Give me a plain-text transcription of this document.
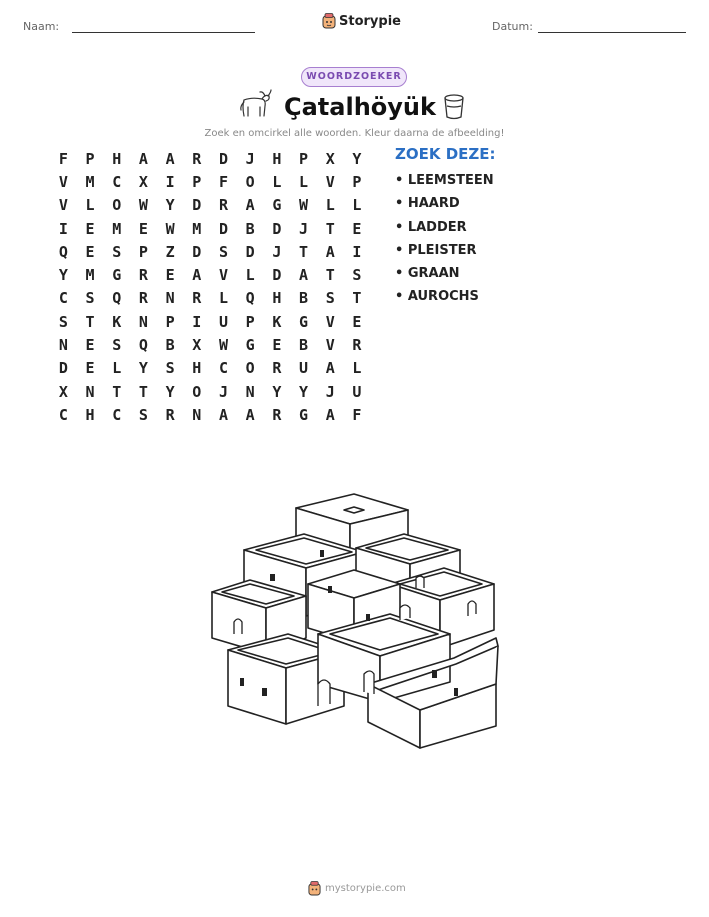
Naam:	Storypie	Datum:
WOORDZOEKER
Çatalhöyük
Zoek en omcirkel alle woorden. Kleur daarna de afbeelding!
F	P	H	A	A	R	D	J	H	P	X	Y
V	M	C	X	I	P	F	O	L	L	V	P
V	L	O	W	Y	D	R	A	G	W	L	L
I	E	M	E	W	M	D	B	D	J	T	E
Q	E	S	P	Z	D	S	D	J	T	A	I
Y	M	G	R	E	A	V	L	D	A	T	S
C	S	Q	R	N	R	L	Q	H	B	S	T
S	T	K	N	P	I	U	P	K	G	V	E
N	E	S	Q	B	X	W	G	E	B	V	R
D	E	L	Y	S	H	C	O	R	U	A	L
X	N	T	T	Y	O	J	N	Y	Y	J	U
C	H	C	S	R	N	A	A	R	G	A	F
ZOEK DEZE:
• LEEMSTEEN
• HAARD
• LADDER
• PLEISTER
• GRAAN
• AUROCHS
mystorypie.com
